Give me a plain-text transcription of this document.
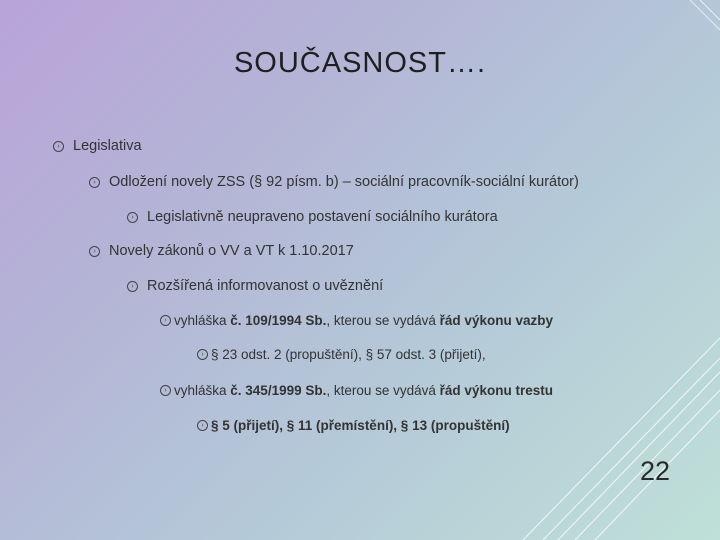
SOUČASNOST….
› Legislativa
› Odložení novely ZSS (§ 92 písm. b) – sociální pracovník-sociální kurátor)
› Legislativně neupraveno postavení sociálního kurátora
› Novely zákonů o VV a VT k 1.10.2017
› Rozšířená informovanost o uvěznění
› vyhláška č. 109/1994 Sb., kterou se vydává řád výkonu vazby
› § 23 odst. 2 (propuštění), § 57 odst. 3 (přijetí),
› vyhláška č. 345/1999 Sb., kterou se vydává řád výkonu trestu
› § 5 (přijetí), § 11 (přemístění), § 13 (propuštění)
22
